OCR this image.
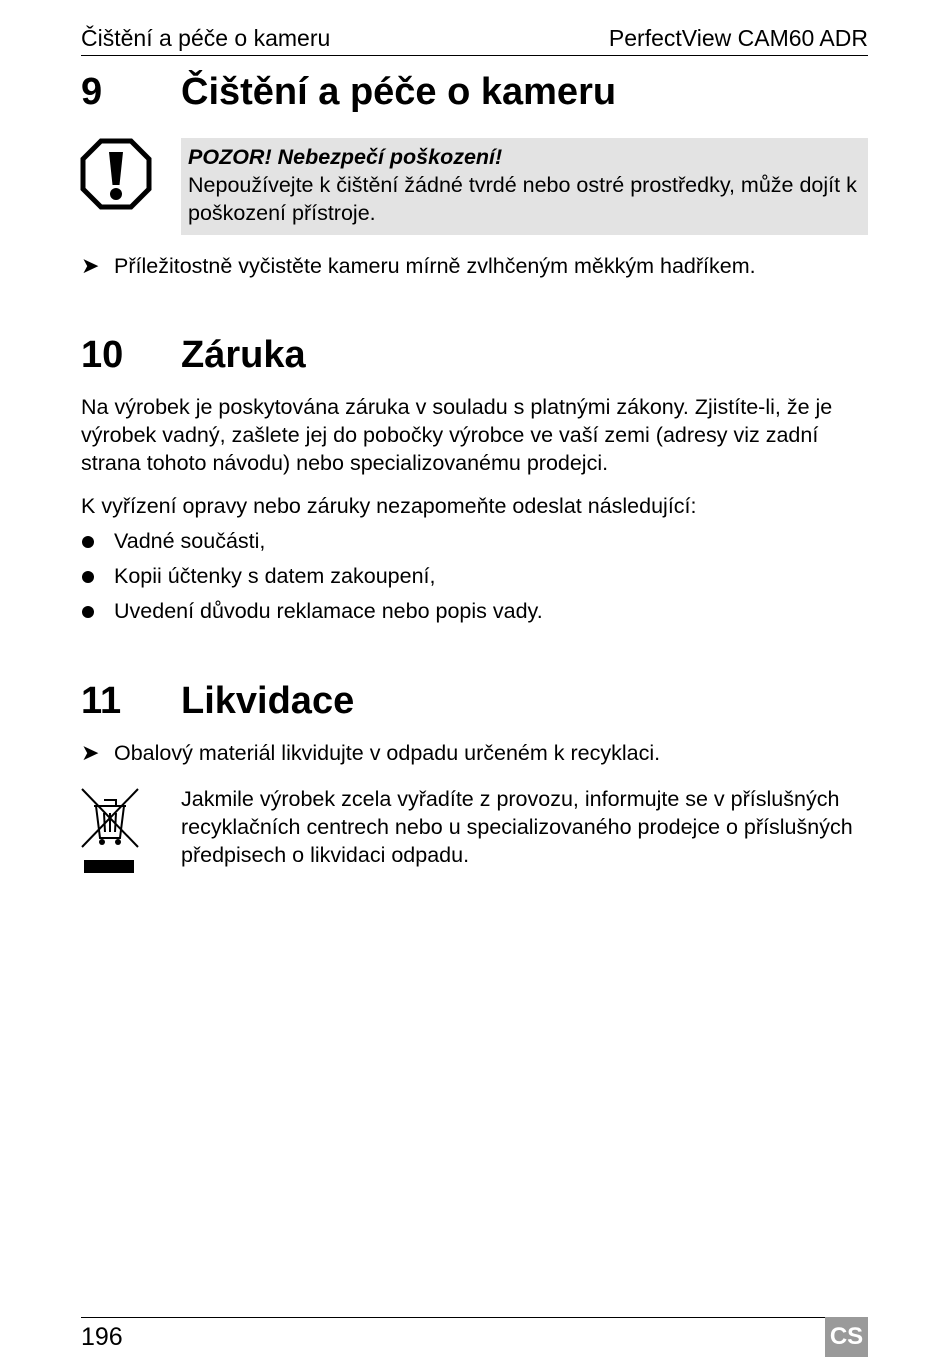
Čištění a péče o kameru	PerfectView CAM60 ADR
9 Čištění a péče o kameru
POZOR! Nebezpečí poškození!
Nepoužívejte k čištění žádné tvrdé nebo ostré prostředky, může dojít k poškození přístroje.
➤ Příležitostně vyčistěte kameru mírně zvlhčeným měkkým hadříkem.
10 Záruka
Na výrobek je poskytována záruka v souladu s platnými zákony. Zjistíte-li, že je výrobek vadný, zašlete jej do pobočky výrobce ve vaší zemi (adresy viz zadní strana tohoto návodu) nebo specializovanému prodejci.
K vyřízení opravy nebo záruky nezapomeňte odeslat následující:
Vadné součásti,
Kopii účtenky s datem zakoupení,
Uvedení důvodu reklamace nebo popis vady.
11 Likvidace
➤ Obalový materiál likvidujte v odpadu určeném k recyklaci.
Jakmile výrobek zcela vyřadíte z provozu, informujte se v příslušných recyklačních centrech nebo u specializovaného prodejce o příslušných předpisech o likvidaci odpadu.
196	CS
